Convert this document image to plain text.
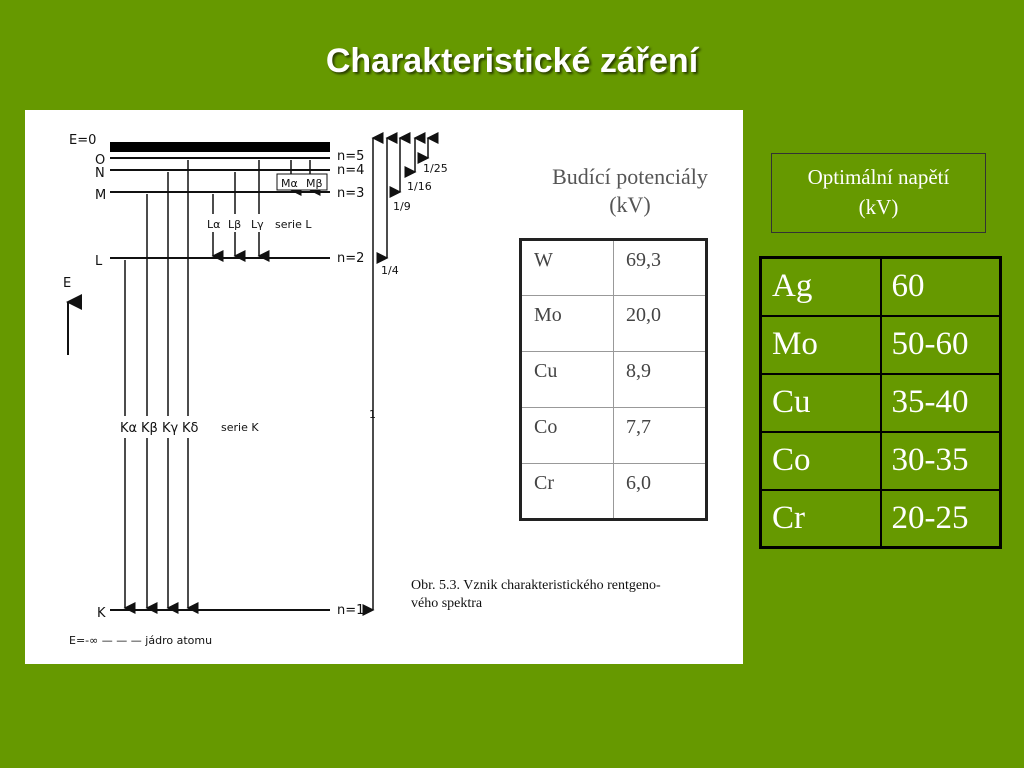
Charakteristické záření
E=0
O
N
M
L
K
n=5
n=4
n=3
n=2
n=1
E
1/25
1/16
1/9
1/4
1
Mα Mβ
Lα Lβ Lγ serie L
Kα Kβ Kγ Kδ serie K
E=-∞ — — — jádro atomu
Obr. 5.3. Vznik charakteristického rentgeno-
vého spektra
Budící potenciály
(kV)
W	69,3
Mo	20,0
Cu	8,9
Co	7,7
Cr	6,0
Optimální napětí
(kV)
Ag	60
Mo	50-60
Cu	35-40
Co	30-35
Cr	20-25
